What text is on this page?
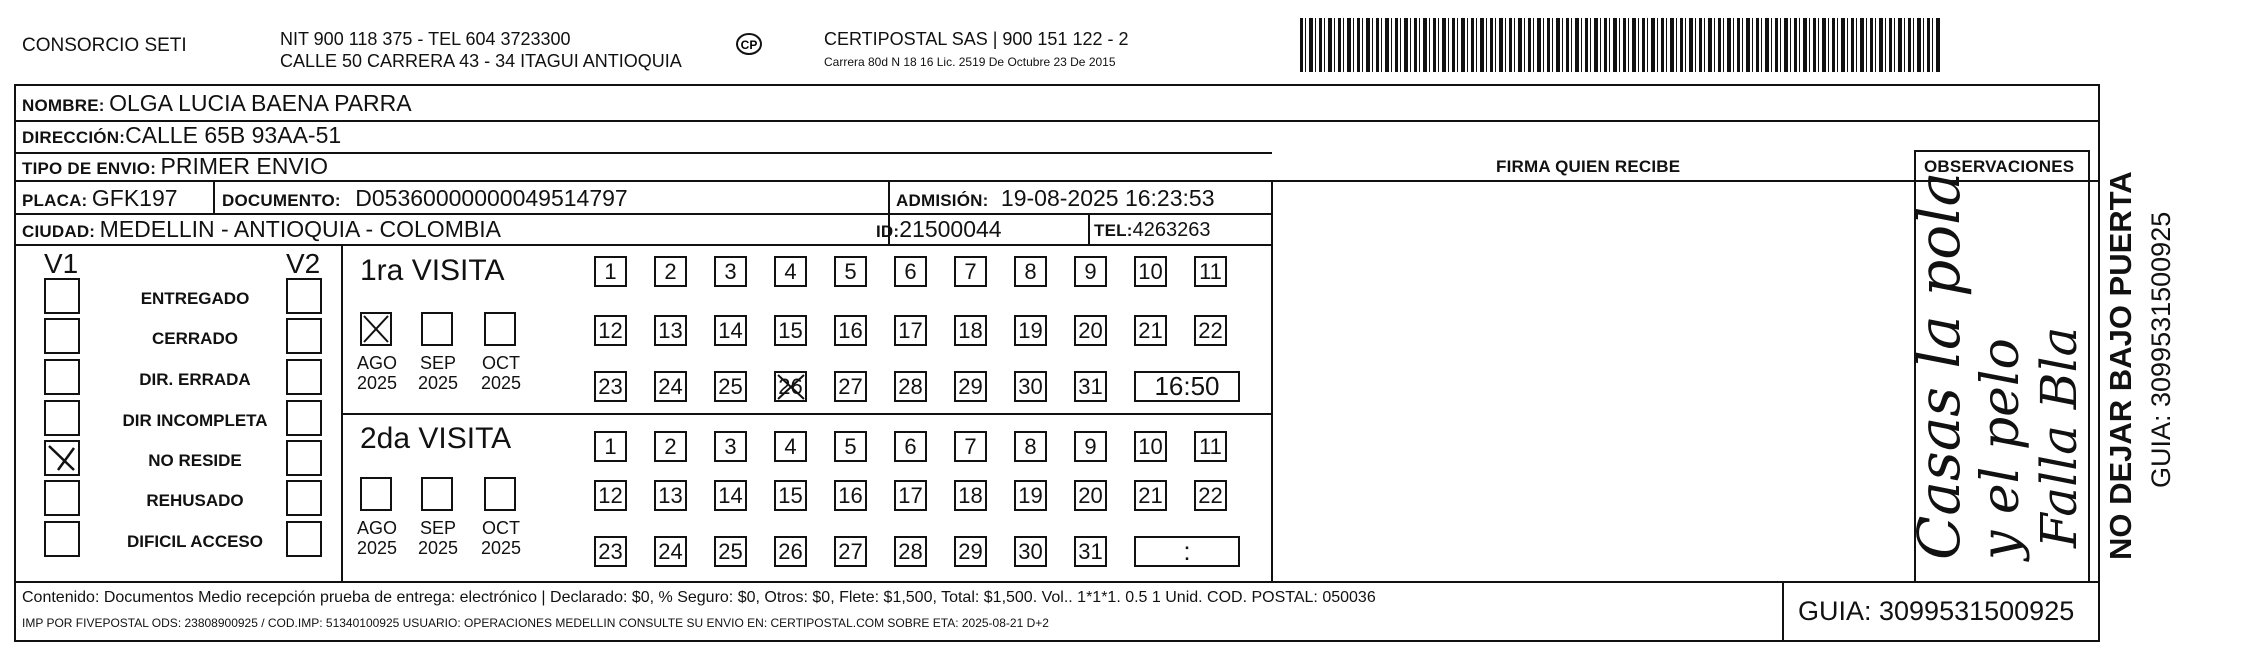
CONSORCIO SETI	NIT 900 118 375 - TEL 604 3723300
CALLE 50 CARRERA 43 - 34 ITAGUI ANTIOQUIA
CP	CERTIPOSTAL SAS | 900 151 122 - 2
Carrera 80d N 18 16 Lic. 2519 De Octubre 23 De 2015
NOMBRE: OLGA LUCIA BAENA PARRA
DIRECCIÓN:CALLE 65B 93AA-51
TIPO DE ENVIO: PRIMER ENVIO
PLACA: GFK197	DOCUMENTO: D05360000000049514797	ADMISIÓN: 19-08-2025 16:23:53
CIUDAD: MEDELLIN - ANTIOQUIA - COLOMBIA	ID:21500044	TEL:4263263
FIRMA QUIEN RECIBE	OBSERVACIONES
V1	V2 1ra VISITA
2da VISITA
Contenido: Documentos Medio recepción prueba de entrega: electrónico | Declarado: $0, % Seguro: $0, Otros: $0, Flete: $1,500, Total: $1,500. Vol.. 1*1*1. 0.5 1 Unid. COD. POSTAL: 050036
IMP POR FIVEPOSTAL ODS: 23808900925 / COD.IMP: 51340100925 USUARIO: OPERACIONES MEDELLIN CONSULTE SU ENVIO EN: CERTIPOSTAL.COM SOBRE ETA: 2025-08-21 D+2	GUIA: 3099531500925
NO DEJAR BAJO PUERTA GUIA: 3099531500925
Casas la pola
y el pelo Falla Bla
ENTREGADO
CERRADO
DIR. ERRADA
DIR INCOMPLETA
NO RESIDE
REHUSADO
DIFICIL ACCESO
AGO
2025
SEP
2025
OCT
2025
AGO
2025
SEP
2025
OCT
2025
1	2	3	4	5	6	7	8	9	10 11
12 13 14 15 16 17 18 19 20 21 22
23 24 25 26 27 28 29 30 31	16:50
1	2	3	4	5	6	7	8	9	10 11
12 13 14 15 16 17 18 19 20 21 22
23 24 25 26 27 28 29 30 31	:
